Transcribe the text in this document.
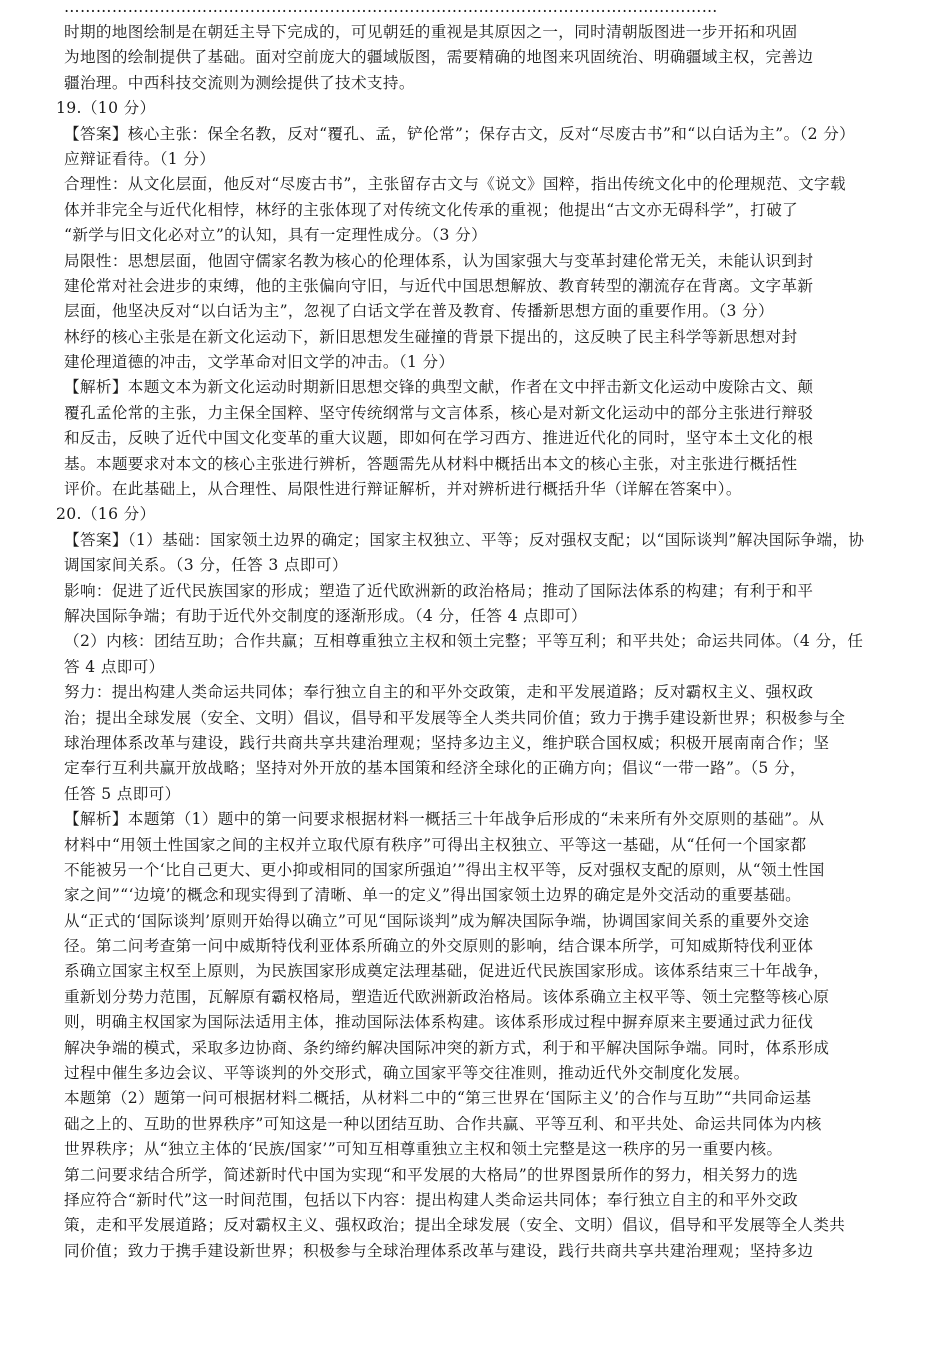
……………………………………………………………………………………………………………
时期的地图绘制是在朝廷主导下完成的，可见朝廷的重视是其原因之一，同时清朝版图进一步开拓和巩固
为地图的绘制提供了基础。面对空前庞大的疆域版图，需要精确的地图来巩固统治、明确疆域主权，完善边
疆治理。中西科技交流则为测绘提供了技术支持。
19.（10 分）
【答案】核心主张：保全名教，反对“覆孔、孟，铲伦常”；保存古文，反对“尽废古书”和“以白话为主”。（2 分）
应辩证看待。（1 分）
合理性：从文化层面，他反对“尽废古书”，主张留存古文与《说文》国粹，指出传统文化中的伦理规范、文字载
体并非完全与近代化相悖，林纾的主张体现了对传统文化传承的重视；他提出“古文亦无碍科学”，打破了
“新学与旧文化必对立”的认知，具有一定理性成分。（3 分）
局限性：思想层面，他固守儒家名教为核心的伦理体系，认为国家强大与变革封建伦常无关，未能认识到封
建伦常对社会进步的束缚，他的主张偏向守旧，与近代中国思想解放、教育转型的潮流存在背离。文字革新
层面，他坚决反对“以白话为主”，忽视了白话文学在普及教育、传播新思想方面的重要作用。（3 分）
林纾的核心主张是在新文化运动下，新旧思想发生碰撞的背景下提出的，这反映了民主科学等新思想对封
建伦理道德的冲击，文学革命对旧文学的冲击。（1 分）
【解析】本题文本为新文化运动时期新旧思想交锋的典型文献，作者在文中抨击新文化运动中废除古文、颠
覆孔孟伦常的主张，力主保全国粹、坚守传统纲常与文言体系，核心是对新文化运动中的部分主张进行辩驳
和反击，反映了近代中国文化变革的重大议题，即如何在学习西方、推进近代化的同时，坚守本土文化的根
基。本题要求对本文的核心主张进行辨析，答题需先从材料中概括出本文的核心主张，对主张进行概括性
评价。在此基础上，从合理性、局限性进行辩证解析，并对辨析进行概括升华（详解在答案中）。
20.（16 分）
【答案】（1）基础：国家领土边界的确定；国家主权独立、平等；反对强权支配；以“国际谈判”解决国际争端，协
调国家间关系。（3 分，任答 3 点即可）
影响：促进了近代民族国家的形成；塑造了近代欧洲新的政治格局；推动了国际法体系的构建；有利于和平
解决国际争端；有助于近代外交制度的逐渐形成。（4 分，任答 4 点即可）
（2）内核：团结互助；合作共赢；互相尊重独立主权和领土完整；平等互利；和平共处；命运共同体。（4 分，任
答 4 点即可）
努力：提出构建人类命运共同体；奉行独立自主的和平外交政策，走和平发展道路；反对霸权主义、强权政
治；提出全球发展（安全、文明）倡议，倡导和平发展等全人类共同价值；致力于携手建设新世界；积极参与全
球治理体系改革与建设，践行共商共享共建治理观；坚持多边主义，维护联合国权威；积极开展南南合作；坚
定奉行互利共赢开放战略；坚持对外开放的基本国策和经济全球化的正确方向；倡议“一带一路”。（5 分，
任答 5 点即可）
【解析】本题第（1）题中的第一问要求根据材料一概括三十年战争后形成的“未来所有外交原则的基础”。从
材料中“用领土性国家之间的主权并立取代原有秩序”可得出主权独立、平等这一基础，从“任何一个国家都
不能被另一个‘比自己更大、更小抑或相同的国家所强迫’”得出主权平等，反对强权支配的原则，从“领土性国
家之间”“‘边境’的概念和现实得到了清晰、单一的定义”得出国家领土边界的确定是外交活动的重要基础。
从“正式的‘国际谈判’原则开始得以确立”可见“国际谈判”成为解决国际争端，协调国家间关系的重要外交途
径。第二问考查第一问中威斯特伐利亚体系所确立的外交原则的影响，结合课本所学，可知威斯特伐利亚体
系确立国家主权至上原则，为民族国家形成奠定法理基础，促进近代民族国家形成。该体系结束三十年战争，
重新划分势力范围，瓦解原有霸权格局，塑造近代欧洲新政治格局。该体系确立主权平等、领土完整等核心原
则，明确主权国家为国际法适用主体，推动国际法体系构建。该体系形成过程中摒弃原来主要通过武力征伐
解决争端的模式，采取多边协商、条约缔约解决国际冲突的新方式，利于和平解决国际争端。同时，体系形成
过程中催生多边会议、平等谈判的外交形式，确立国家平等交往准则，推动近代外交制度化发展。
本题第（2）题第一问可根据材料二概括，从材料二中的“第三世界在‘国际主义’的合作与互助”“共同命运基
础之上的、互助的世界秩序”可知这是一种以团结互助、合作共赢、平等互利、和平共处、命运共同体为内核
世界秩序；从“独立主体的‘民族/国家’”可知互相尊重独立主权和领土完整是这一秩序的另一重要内核。
第二问要求结合所学，简述新时代中国为实现“和平发展的大格局”的世界图景所作的努力，相关努力的选
择应符合“新时代”这一时间范围，包括以下内容：提出构建人类命运共同体；奉行独立自主的和平外交政
策，走和平发展道路；反对霸权主义、强权政治；提出全球发展（安全、文明）倡议，倡导和平发展等全人类共
同价值；致力于携手建设新世界；积极参与全球治理体系改革与建设，践行共商共享共建治理观；坚持多边
